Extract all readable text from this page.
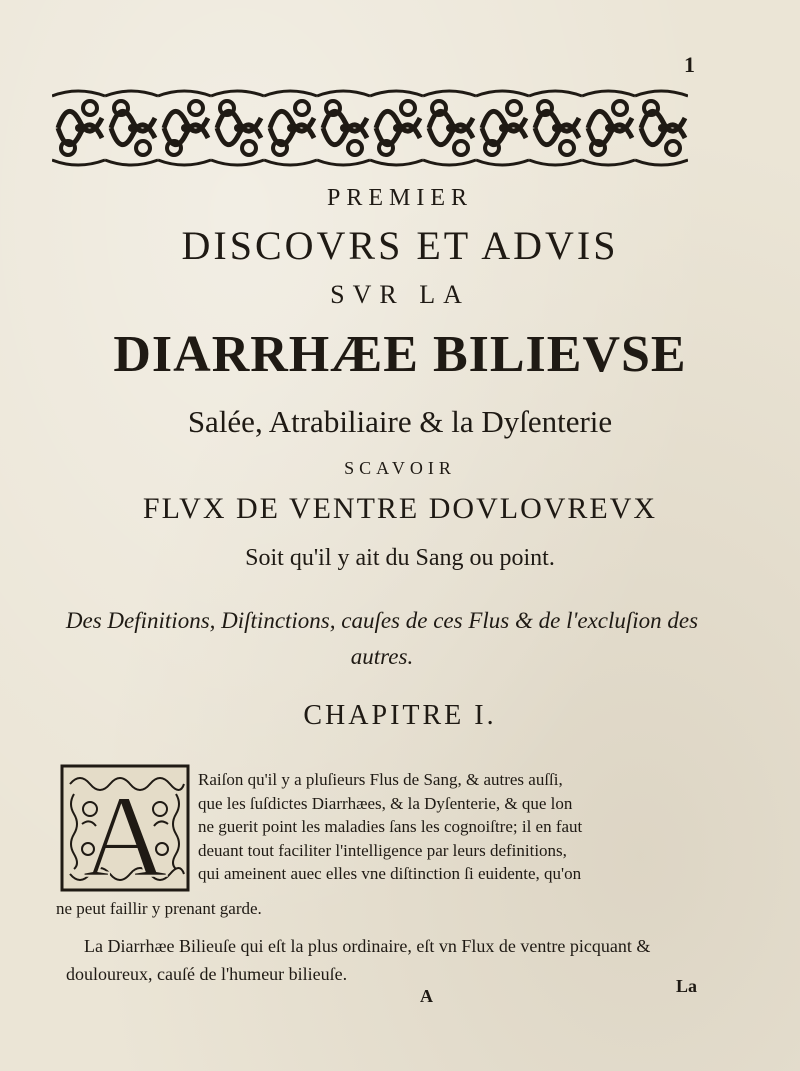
1
PREMIER
DISCOVRS ET ADVIS
SVR LA
DIARRHÆE BILIEVSE
Salée, Atrabiliaire & la Dyſenterie
SCAVOIR
FLVX DE VENTRE DOVLOVREVX
Soit qu'il y ait du Sang ou point.
Des Definitions, Diſtinctions, cauſes de ces Flus & de l'excluſion des autres.
CHAPITRE I.
A Raiſon qu'il y a pluſieurs Flus de Sang, & autres auſſi,
que les ſuſdictes Diarrhæes, & la Dyſenterie, & que lon
ne guerit point les maladies ſans les cognoiſtre; il en faut
deuant tout faciliter l'intelligence par leurs definitions,
qui ameinent auec elles vne diſtinction ſi euidente, qu'on
ne peut faillir y prenant garde.
La Diarrhæe Bilieuſe qui eſt la plus ordinaire, eſt vn Flux de ventre picquant & douloureux, cauſé de l'humeur bilieuſe.
A	La
